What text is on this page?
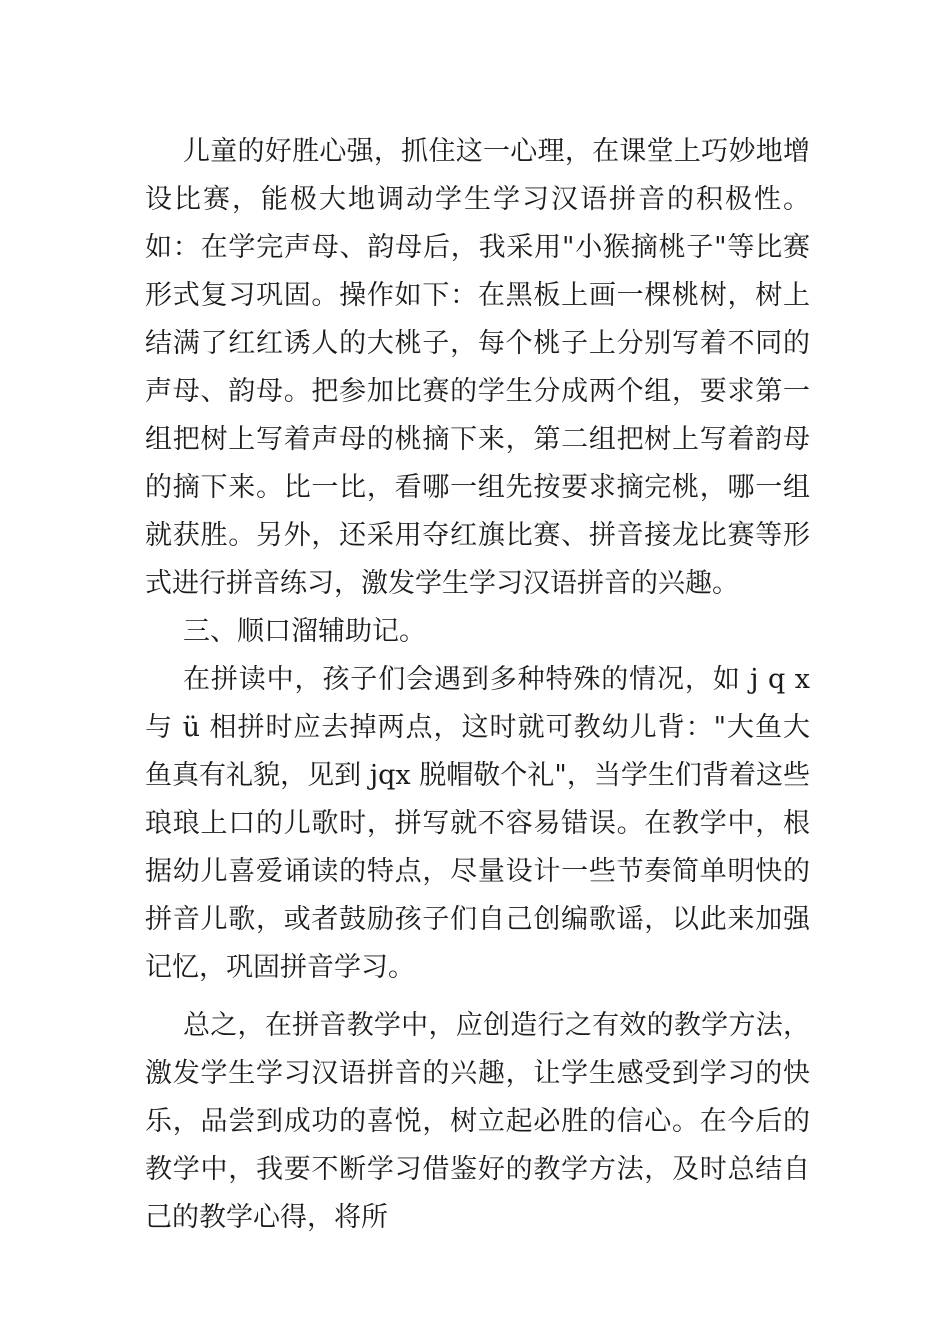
儿童的好胜心强，抓住这一心理，在课堂上巧妙地增设比赛，能极大地调动学生学习汉语拼音的积极性。如：在学完声母、韵母后，我采用"小猴摘桃子"等比赛形式复习巩固。操作如下：在黑板上画一棵桃树，树上结满了红红诱人的大桃子，每个桃子上分别写着不同的声母、韵母。把参加比赛的学生分成两个组，要求第一组把树上写着声母的桃摘下来，第二组把树上写着韵母的摘下来。比一比，看哪一组先按要求摘完桃，哪一组就获胜。另外，还采用夺红旗比赛、拼音接龙比赛等形式进行拼音练习，激发学生学习汉语拼音的兴趣。

三、顺口溜辅助记。

在拼读中，孩子们会遇到多种特殊的情况，如 j q x 与 ü 相拼时应去掉两点，这时就可教幼儿背："大鱼大鱼真有礼貌，见到 jqx 脱帽敬个礼"，当学生们背着这些琅琅上口的儿歌时，拼写就不容易错误。在教学中，根据幼儿喜爱诵读的特点，尽量设计一些节奏简单明快的拼音儿歌，或者鼓励孩子们自己创编歌谣，以此来加强记忆，巩固拼音学习。

总之，在拼音教学中，应创造行之有效的教学方法，激发学生学习汉语拼音的兴趣，让学生感受到学习的快乐，品尝到成功的喜悦，树立起必胜的信心。在今后的教学中，我要不断学习借鉴好的教学方法，及时总结自己的教学心得，将所
